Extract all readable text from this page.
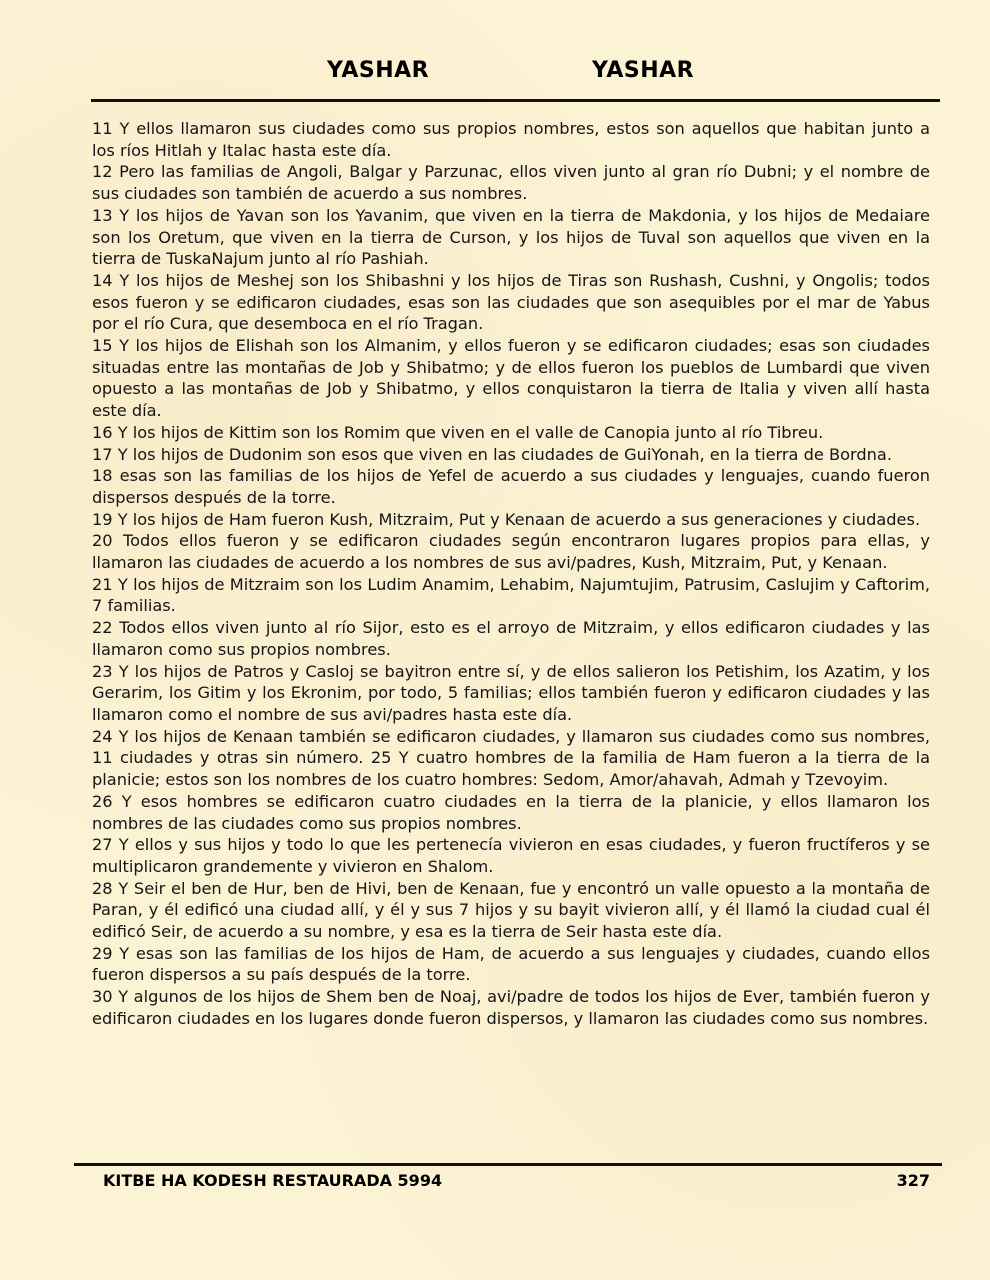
YASHAR	YASHAR

11 Y ellos llamaron sus ciudades como sus propios nombres, estos son aquellos que habitan junto a los ríos Hitlah y Italac hasta este día.

12 Pero las familias de Angoli, Balgar y Parzunac, ellos viven junto al gran río Dubni; y el nombre de sus ciudades son también de acuerdo a sus nombres.

13 Y los hijos de Yavan son los Yavanim, que viven en la tierra de Makdonia, y los hijos de Medaiare son los Oretum, que viven en la tierra de Curson, y los hijos de Tuval son aquellos que viven en la tierra de TuskaNajum junto al río Pashiah.

14 Y los hijos de Meshej son los Shibashni y los hijos de Tiras son Rushash, Cushni, y Ongolis; todos esos fueron y se edificaron ciudades, esas son las ciudades que son asequibles por el mar de Yabus por el río Cura, que desemboca en el río Tragan.

15 Y los hijos de Elishah son los Almanim, y ellos fueron y se edificaron ciudades; esas son ciudades situadas entre las montañas de Job y Shibatmo; y de ellos fueron los pueblos de Lumbardi que viven opuesto a las montañas de Job y Shibatmo, y ellos conquistaron la tierra de Italia y viven allí hasta este día.

16 Y los hijos de Kittim son los Romim que viven en el valle de Canopia junto al río Tibreu.

17 Y los hijos de Dudonim son esos que viven en las ciudades de GuiYonah, en la tierra de Bordna.

18 esas son las familias de los hijos de Yefel de acuerdo a sus ciudades y lenguajes, cuando fueron dispersos después de la torre.

19 Y los hijos de Ham fueron Kush, Mitzraim, Put y Kenaan de acuerdo a sus generaciones y ciudades.

20 Todos ellos fueron y se edificaron ciudades según encontraron lugares propios para ellas, y llamaron las ciudades de acuerdo a los nombres de sus avi/padres, Kush, Mitzraim, Put, y Kenaan.

21 Y los hijos de Mitzraim son los Ludim Anamim, Lehabim, Najumtujim, Patrusim, Caslujim y Caftorim, 7 familias.

22 Todos ellos viven junto al río Sijor, esto es el arroyo de Mitzraim, y ellos edificaron ciudades y las llamaron como sus propios nombres.

23 Y los hijos de Patros y Casloj se bayitron entre sí, y de ellos salieron los Petishim, los Azatim, y los Gerarim, los Gitim y los Ekronim, por todo, 5 familias; ellos también fueron y edificaron ciudades y las llamaron como el nombre de sus avi/padres hasta este día.

24 Y los hijos de Kenaan también se edificaron ciudades, y llamaron sus ciudades como sus nombres, 11 ciudades y otras sin número. 25 Y cuatro hombres de la familia de Ham fueron a la tierra de la planicie; estos son los nombres de los cuatro hombres: Sedom, Amor/ahavah, Admah y Tzevoyim.

26 Y esos hombres se edificaron cuatro ciudades en la tierra de la planicie, y ellos llamaron los nombres de las ciudades como sus propios nombres.

27 Y ellos y sus hijos y todo lo que les pertenecía vivieron en esas ciudades, y fueron fructíferos y se multiplicaron grandemente y vivieron en Shalom.

28 Y Seir el ben de Hur, ben de Hivi, ben de Kenaan, fue y encontró un valle opuesto a la montaña de Paran, y él edificó una ciudad allí, y él y sus 7 hijos y su bayit vivieron allí, y él llamó la ciudad cual él edificó Seir, de acuerdo a su nombre, y esa es la tierra de Seir hasta este día.

29 Y esas son las familias de los hijos de Ham, de acuerdo a sus lenguajes y ciudades, cuando ellos fueron dispersos a su país después de la torre.

30 Y algunos de los hijos de Shem ben de Noaj, avi/padre de todos los hijos de Ever, también fueron y edificaron ciudades en los lugares donde fueron dispersos, y llamaron las ciudades como sus nombres.

KITBE HA KODESH RESTAURADA 5994	327
